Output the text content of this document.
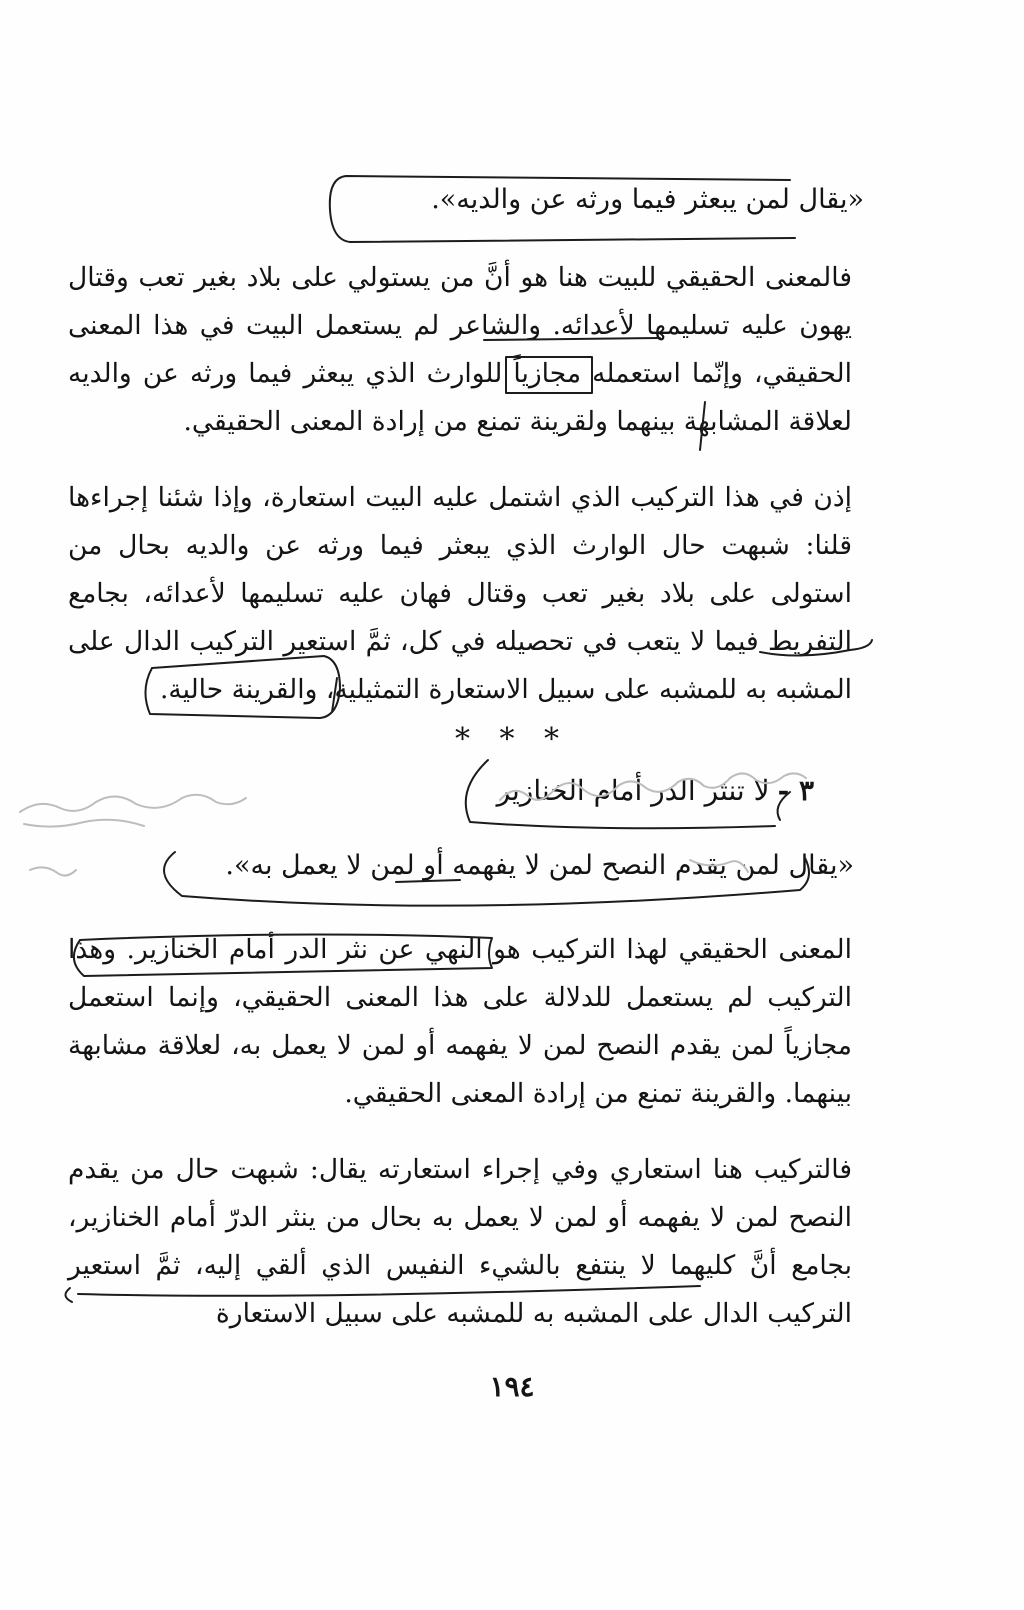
«يقال لمن يبعثر فيما ورثه عن والديه».

فالمعنى الحقيقي للبيت هنا هو أنَّ من يستولي على بلاد بغير تعب وقتال يهون عليه تسليمها لأعدائه. والشاعر لم يستعمل البيت في هذا المعنى الحقيقي، وإنّما استعمله مجازياً للوارث الذي يبعثر فيما ورثه عن والديه لعلاقة المشابهة بينهما ولقرينة تمنع من إرادة المعنى الحقيقي.

إذن في هذا التركيب الذي اشتمل عليه البيت استعارة، وإذا شئنا إجراءها قلنا: شبهت حال الوارث الذي يبعثر فيما ورثه عن والديه بحال من استولى على بلاد بغير تعب وقتال فهان عليه تسليمها لأعدائه، بجامع التفريط فيما لا يتعب في تحصيله في كل، ثمَّ استعير التركيب الدال على المشبه به للمشبه على سبيل الاستعارة التمثيلية، والقرينة حالية.

* * *
٣ -لا تنثر الدر أمام الخنازير
«يقال لمن يقدم النصح لمن لا يفهمه أو لمن لا يعمل به».

المعنى الحقيقي لهذا التركيب هو النهي عن نثر الدر أمام الخنازير. وهذا التركيب لم يستعمل للدلالة على هذا المعنى الحقيقي، وإنما استعمل مجازياً لمن يقدم النصح لمن لا يفهمه أو لمن لا يعمل به، لعلاقة مشابهة بينهما. والقرينة تمنع من إرادة المعنى الحقيقي.

فالتركيب هنا استعاري وفي إجراء استعارته يقال: شبهت حال من يقدم النصح لمن لا يفهمه أو لمن لا يعمل به بحال من ينثر الدرّ أمام الخنازير، بجامع أنَّ كليهما لا ينتفع بالشيء النفيس الذي ألقي إليه، ثمَّ استعير التركيب الدال على المشبه به للمشبه على سبيل الاستعارة

١٩٤
